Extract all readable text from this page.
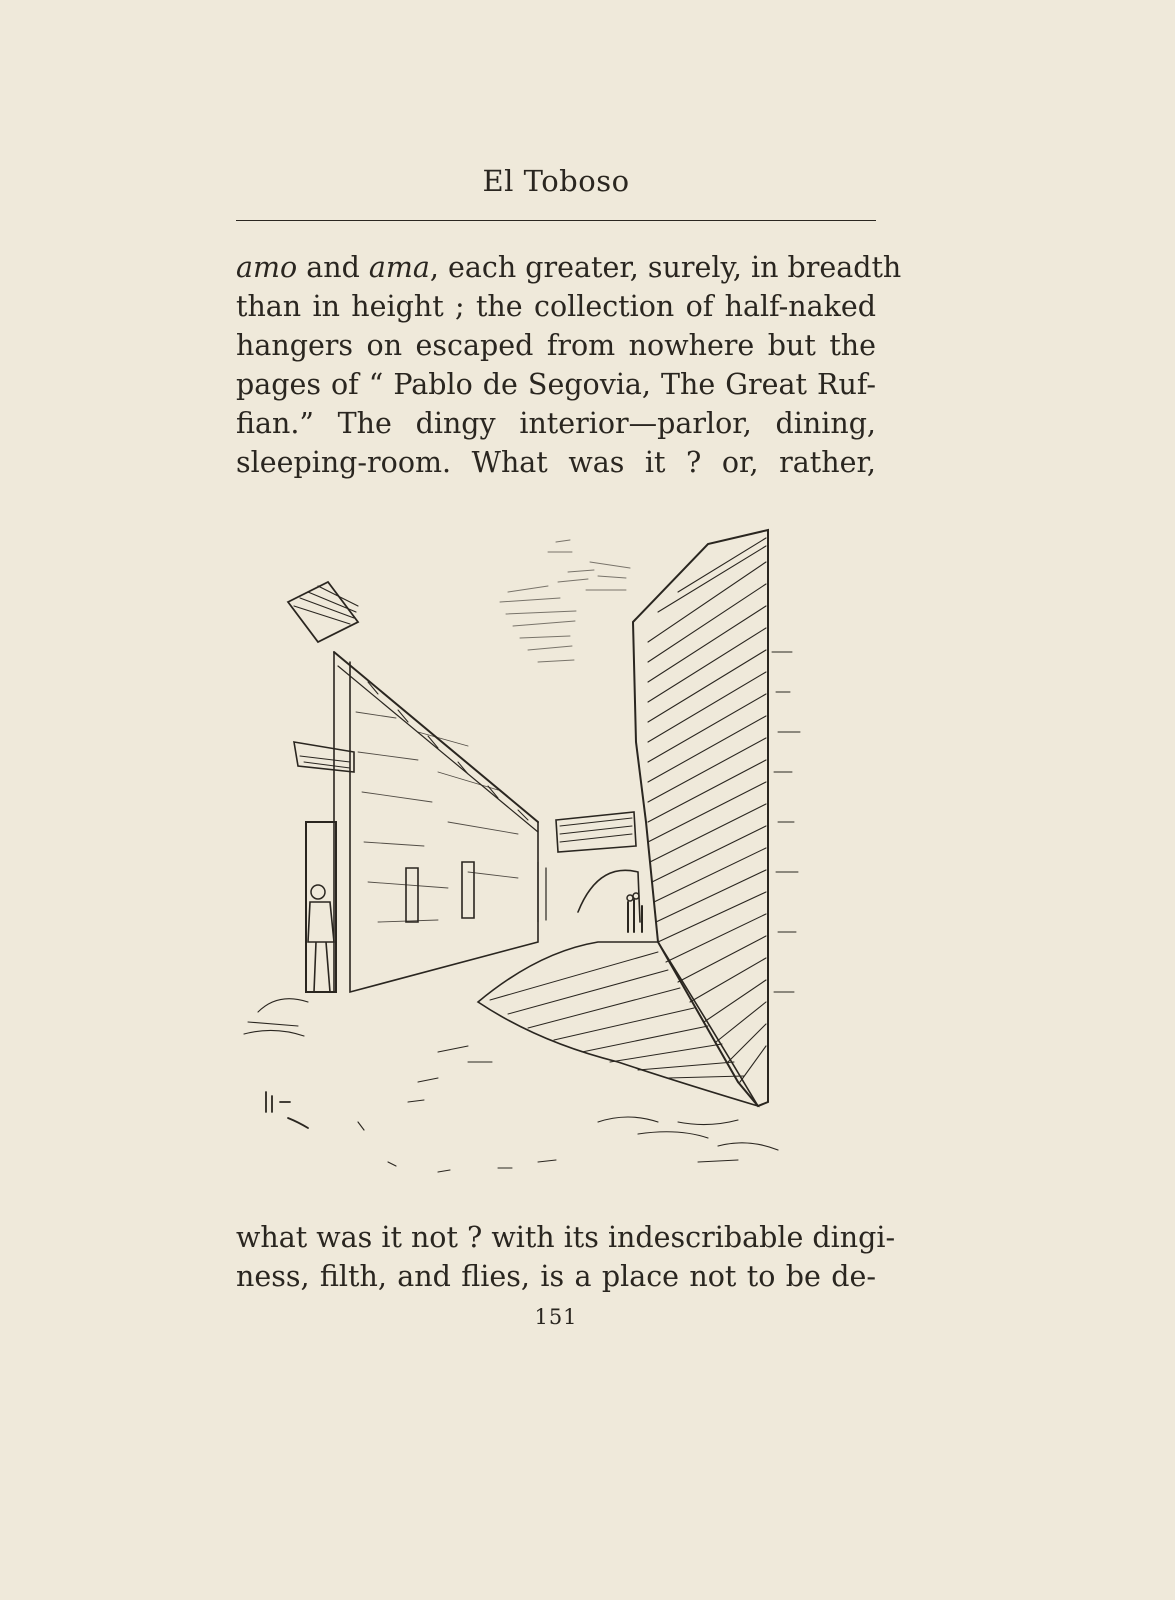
El Toboso
amo and ama, each greater, surely, in breadth
than in height ; the collection of half-naked
hangers on escaped from nowhere but the
pages of “ Pablo de Segovia, The Great Ruf-
fian.” The dingy interior—parlor, dining,
sleeping-room. What was it ? or, rather,
what was it not ? with its indescribable dingi-
ness, filth, and flies, is a place not to be de-
151
